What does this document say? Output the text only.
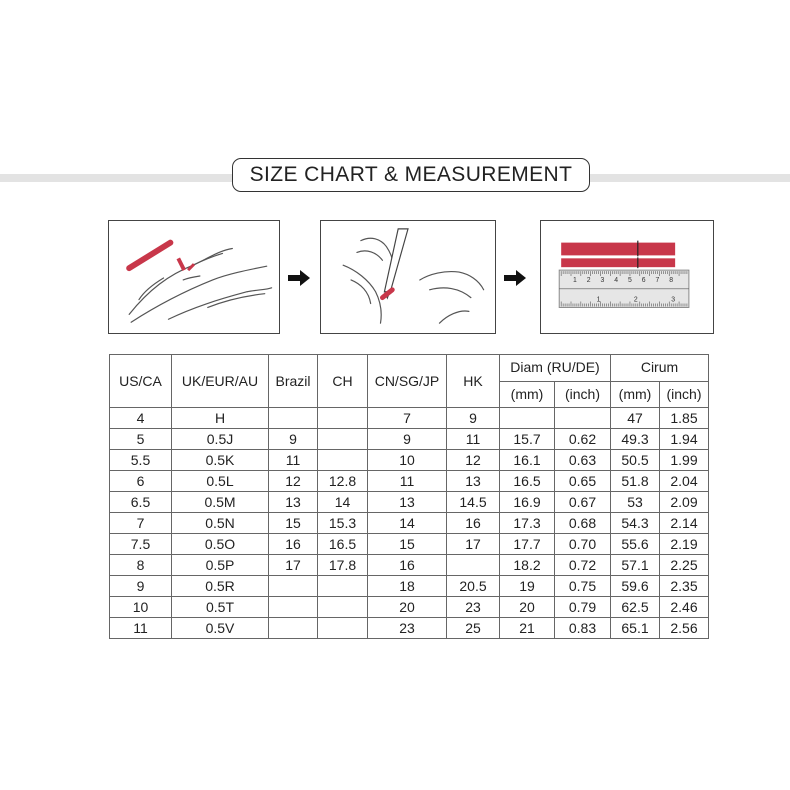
SIZE CHART & MEASUREMENT
1 2 3 4 5 6 7 8
1	2	3
US/CA	UK/EUR/AU	Brazil	CH	CN/SG/JP	HK	Diam (RU/DE)		Cirum	
						(mm)	(inch)	(mm)	(inch)
4	H			7	9			47	1.85
5	0.5J	9		9	11	15.7	0.62	49.3	1.94
5.5	0.5K	11		10	12	16.1	0.63	50.5	1.99
6	0.5L	12	12.8	11	13	16.5	0.65	51.8	2.04
6.5	0.5M	13	14	13	14.5	16.9	0.67	53	2.09
7	0.5N	15	15.3	14	16	17.3	0.68	54.3	2.14
7.5	0.5O	16	16.5	15	17	17.7	0.70	55.6	2.19
8	0.5P	17	17.8	16		18.2	0.72	57.1	2.25
9	0.5R			18	20.5	19	0.75	59.6	2.35
10	0.5T			20	23	20	0.79	62.5	2.46
11	0.5V			23	25	21	0.83	65.1	2.56
